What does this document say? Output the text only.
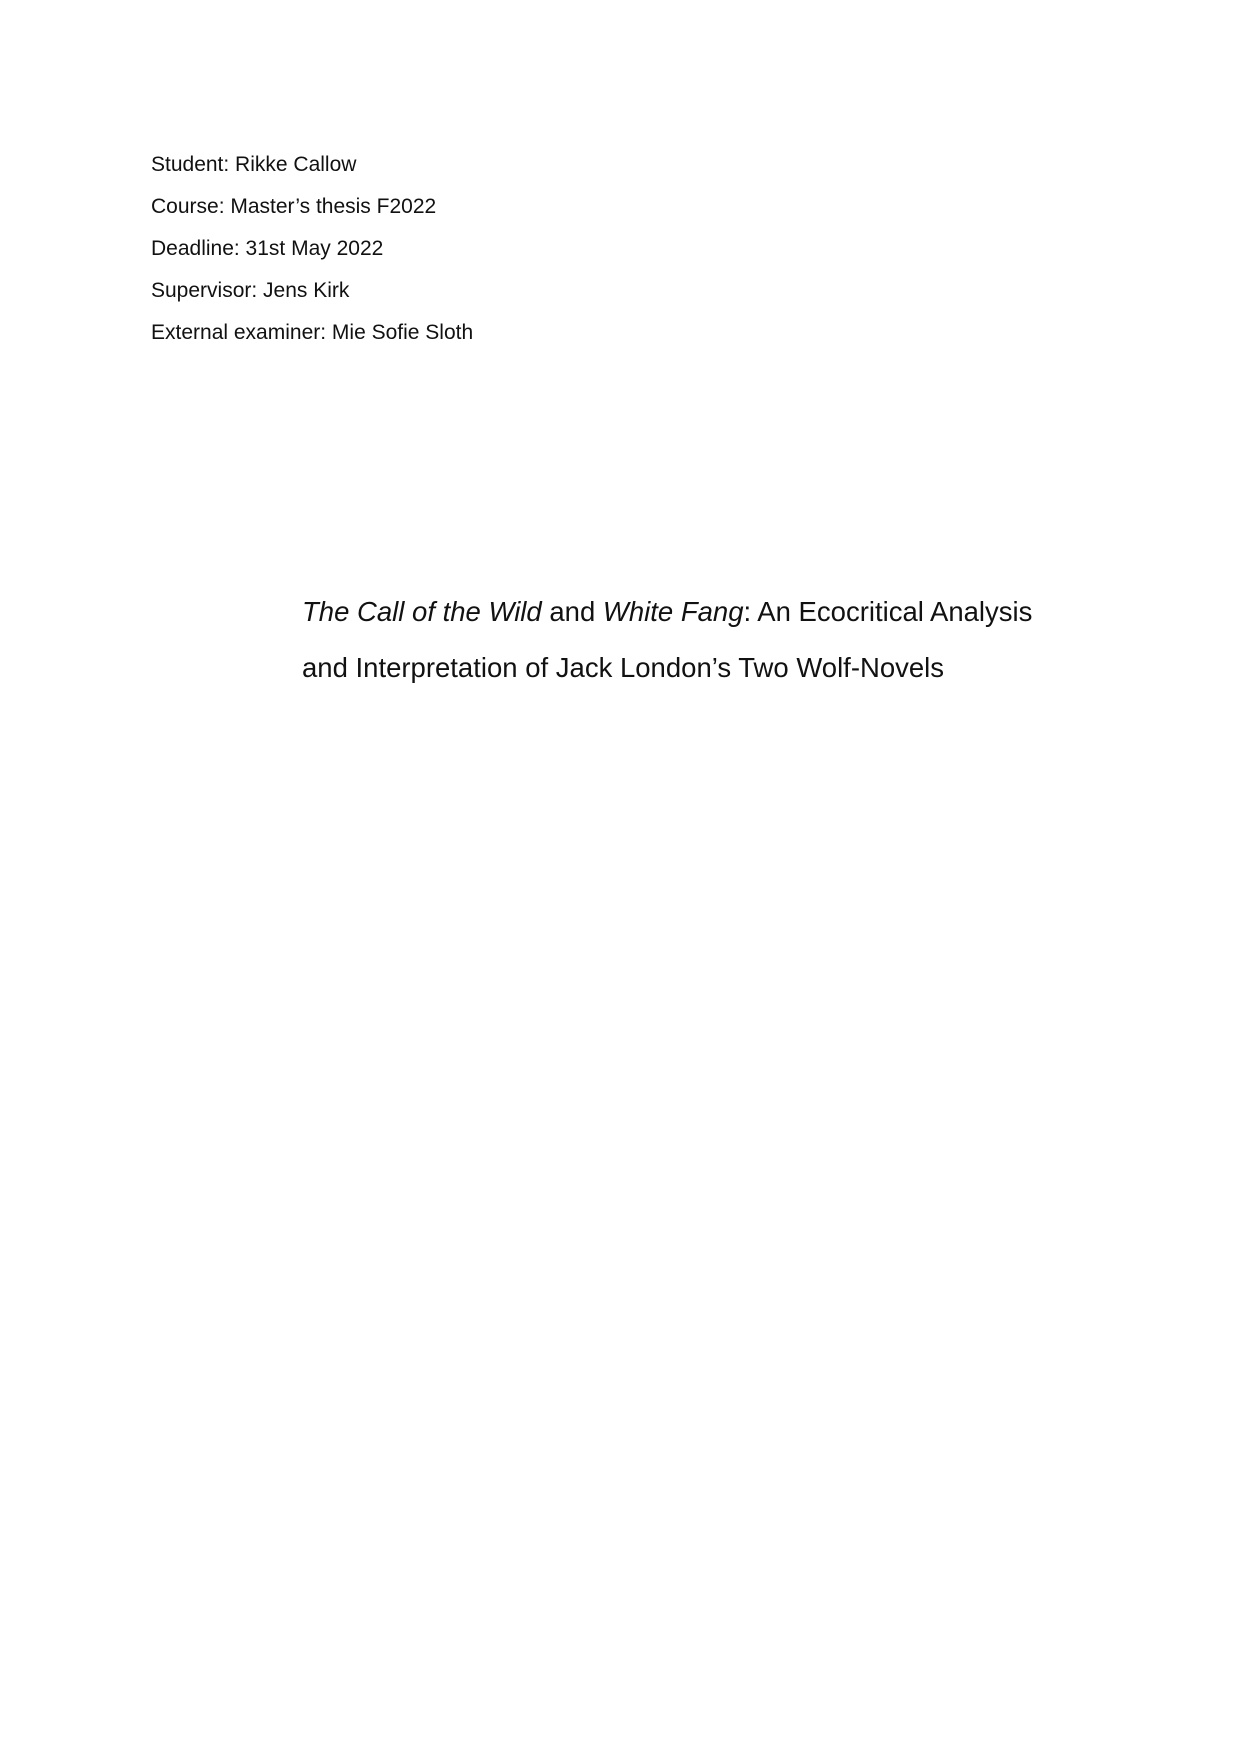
Student: Rikke Callow
Course: Master’s thesis F2022
Deadline: 31st May 2022
Supervisor: Jens Kirk
External examiner: Mie Sofie Sloth
The Call of the Wild and White Fang: An Ecocritical Analysis
and Interpretation of Jack London’s Two Wolf-Novels
